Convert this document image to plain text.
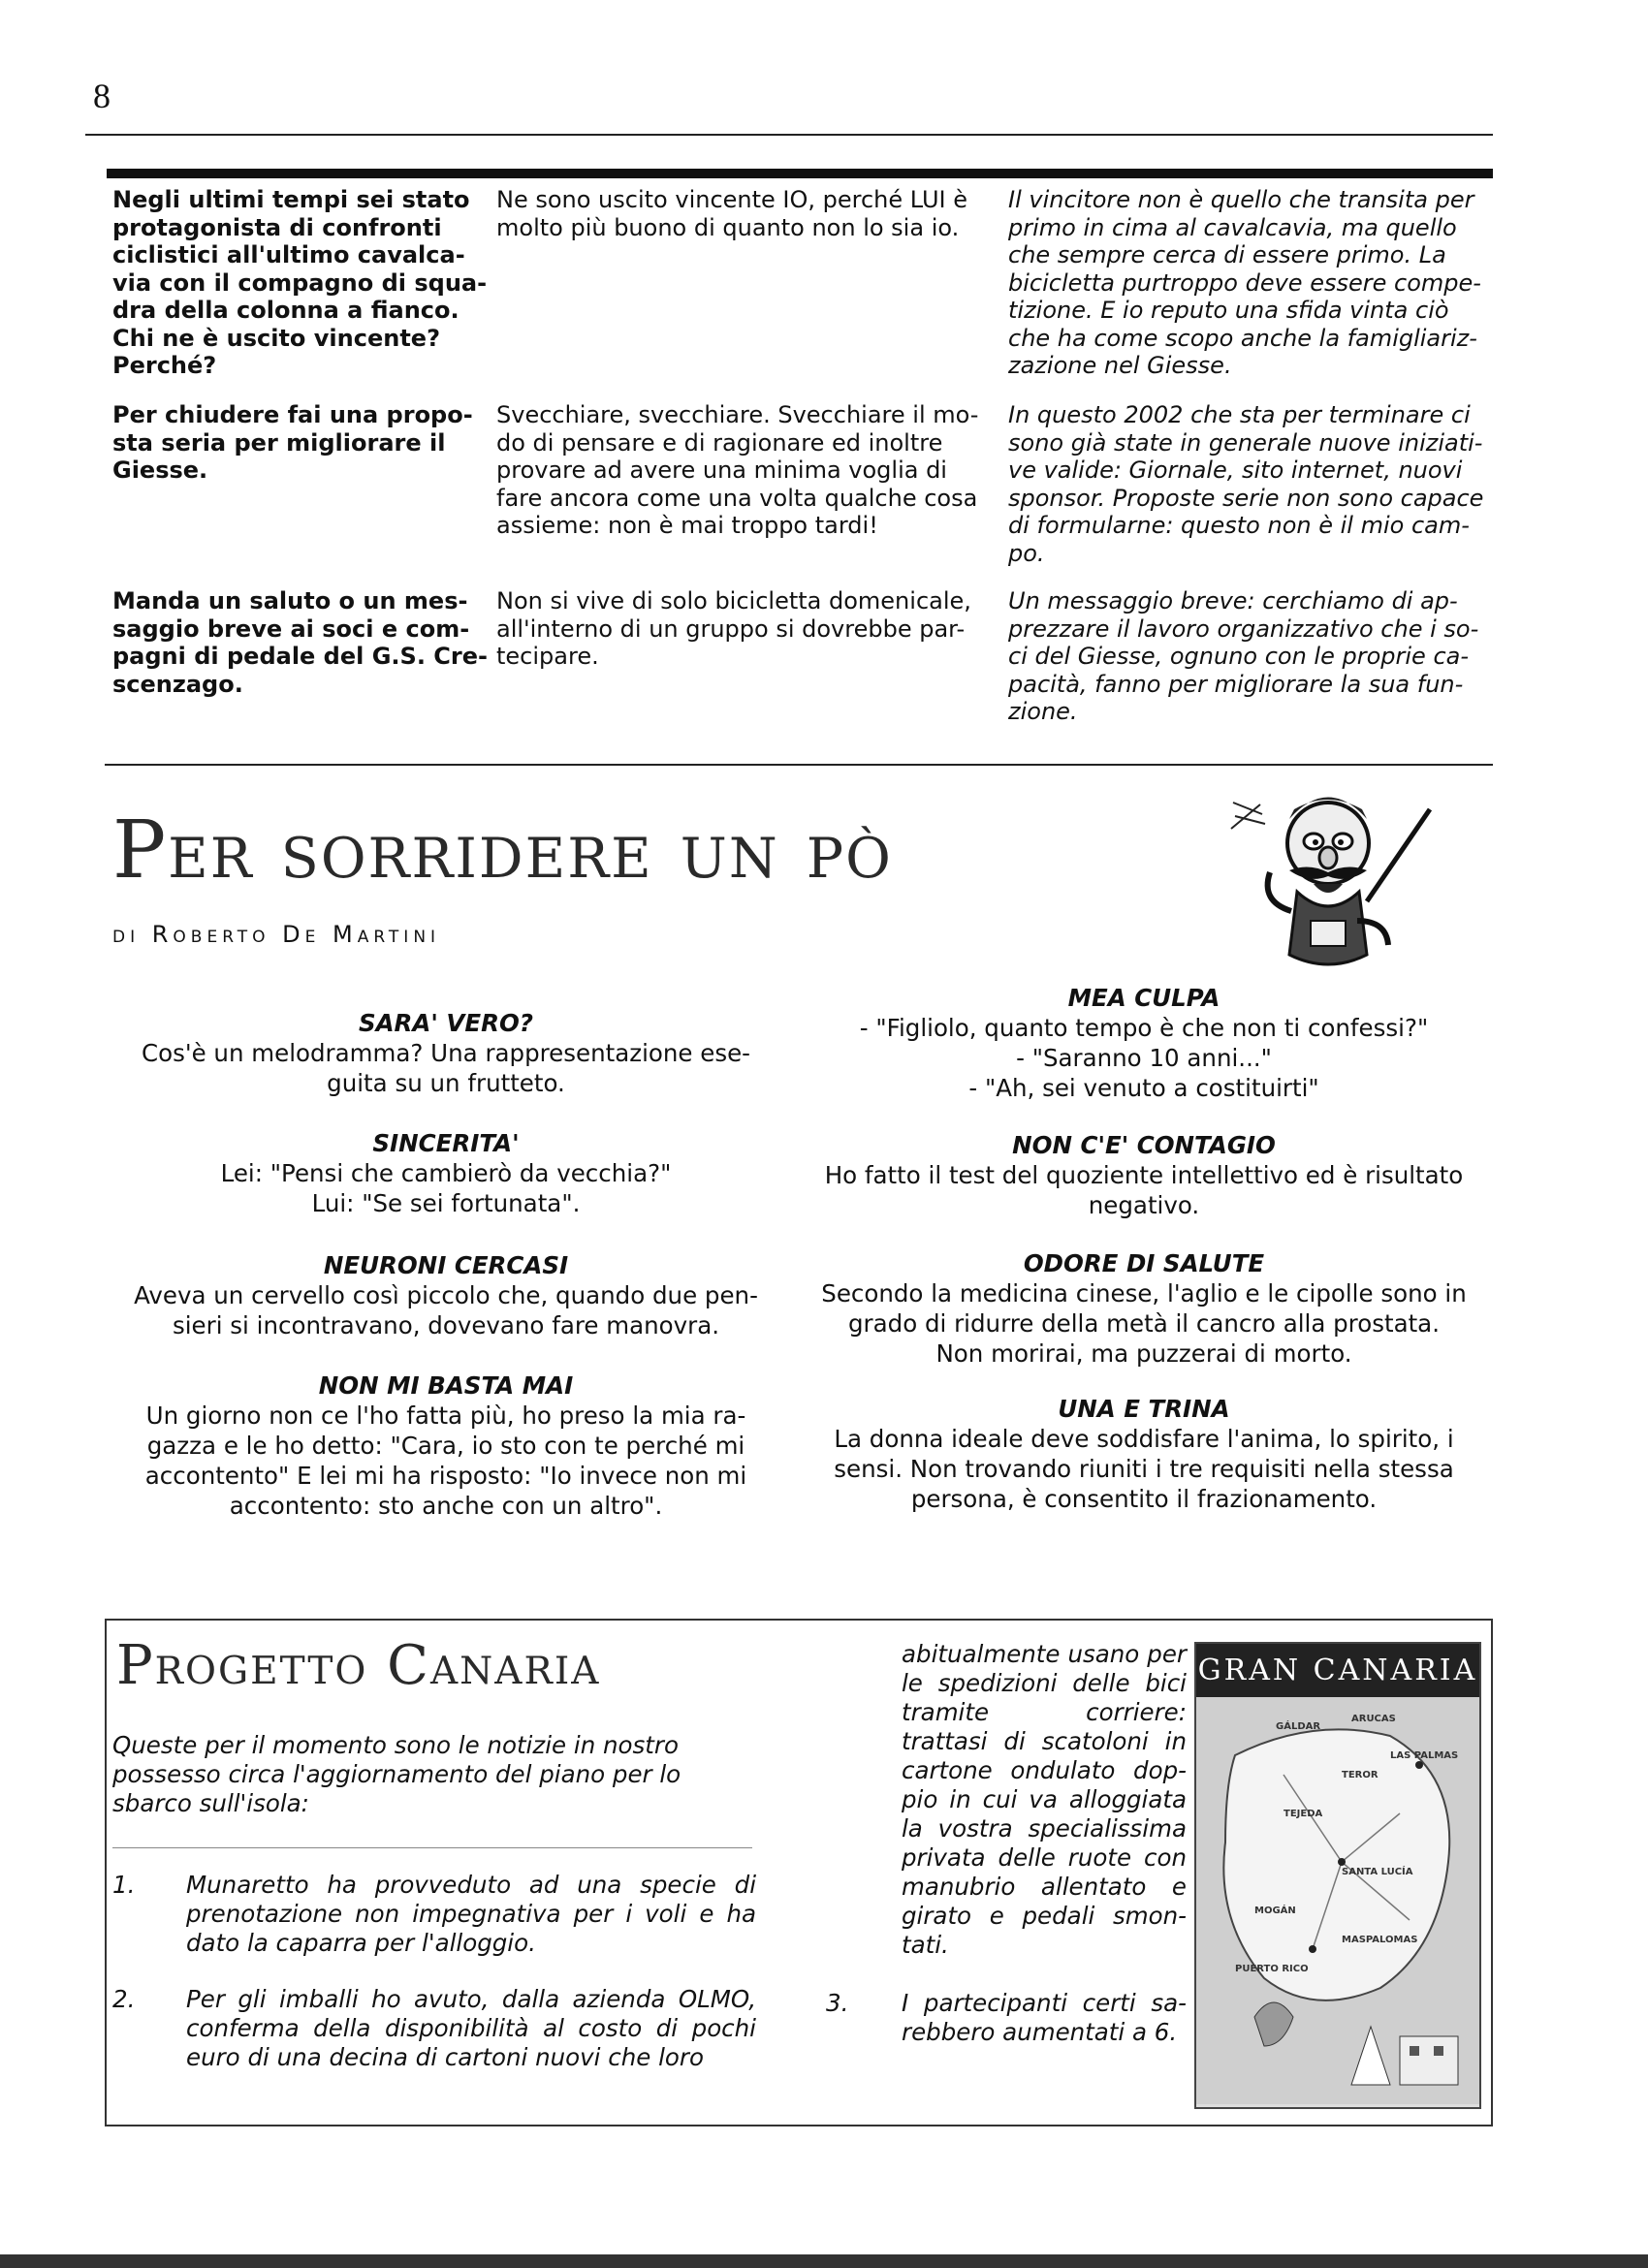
8
Negli ultimi tempi sei stato protagonista di confronti ciclistici all'ultimo cavalca-via con il compagno di squa-dra della colonna a fianco. Chi ne è uscito vincente? Perché?
Ne sono uscito vincente IO, perché LUI è molto più buono di quanto non lo sia io.
Il vincitore non è quello che transita per primo in cima al cavalcavia, ma quello che sempre cerca di essere primo. La bicicletta purtroppo deve essere compe-tizione. E io reputo una sfida vinta ciò che ha come scopo anche la famigliariz-zazione nel Giesse.
Per chiudere fai una propo-sta seria per migliorare il Giesse.
Svecchiare, svecchiare. Svecchiare il mo-do di pensare e di ragionare ed inoltre provare ad avere una minima voglia di fare ancora come una volta qualche cosa assieme: non è mai troppo tardi!
In questo 2002 che sta per terminare ci sono già state in generale nuove iniziati-ve valide: Giornale, sito internet, nuovi sponsor. Proposte serie non sono capace di formularne: questo non è il mio cam-po.
Manda un saluto o un mes-saggio breve ai soci e com-pagni di pedale del G.S. Cre-scenzago.
Non si vive di solo bicicletta domenicale, all'interno di un gruppo si dovrebbe par-tecipare.
Un messaggio breve: cerchiamo di ap-prezzare il lavoro organizzativo che i so-ci del Giesse, ognuno con le proprie ca-pacità, fanno per migliorare la sua fun-zione.
Per sorridere un pò
di Roberto De Martini
SARA' VERO?

Cos'è un melodramma? Una rappresentazione ese-

guita su un frutteto.

SINCERITA'

Lei: "Pensi che cambierò da vecchia?"

Lui: "Se sei fortunata".

NEURONI CERCASI

Aveva un cervello così piccolo che, quando due pen-

sieri si incontravano, dovevano fare manovra.

NON MI BASTA MAI

Un giorno non ce l'ho fatta più, ho preso la mia ra-

gazza e le ho detto: "Cara, io sto con te perché mi

accontento" E lei mi ha risposto: "Io invece non mi

accontento: sto anche con un altro".

MEA CULPA

- "Figliolo, quanto tempo è che non ti confessi?"

- "Saranno 10 anni..."

- "Ah, sei venuto a costituirti"

NON C'E' CONTAGIO

Ho fatto il test del quoziente intellettivo ed è risultato

negativo.

ODORE DI SALUTE

Secondo la medicina cinese, l'aglio e le cipolle sono in

grado di ridurre della metà il cancro alla prostata.

Non morirai, ma puzzerai di morto.

UNA E TRINA

La donna ideale deve soddisfare l'anima, lo spirito, i

sensi. Non trovando riuniti i tre requisiti nella stessa

persona, è consentito il frazionamento.

Progetto Canaria
Queste per il momento sono le notizie in nostro possesso circa l'aggiornamento del piano per lo sbarco sull'isola:
1. Munaretto ha provveduto ad una specie di prenotazione non impegnativa per i voli e ha dato la caparra per l'alloggio.
2. Per gli imballi ho avuto, dalla azienda OLMO, conferma della disponibilità al costo di pochi euro di una decina di cartoni nuovi che loro
abitualmente usano per le spedizioni delle bici tramite corriere: trattasi di scatoloni in cartone ondulato dop-pio in cui va alloggiata la vostra specialissima privata delle ruote con manubrio allentato e girato e pedali smon-tati.
3. I partecipanti certi sa-rebbero aumentati a 6.
GRAN CANARIA
GÁLDAR
ARUCAS
LAS PALMAS
TEROR
TEJEDA
SANTA LUCÍA
MOGÁN
MASPALOMAS
PUERTO RICO
